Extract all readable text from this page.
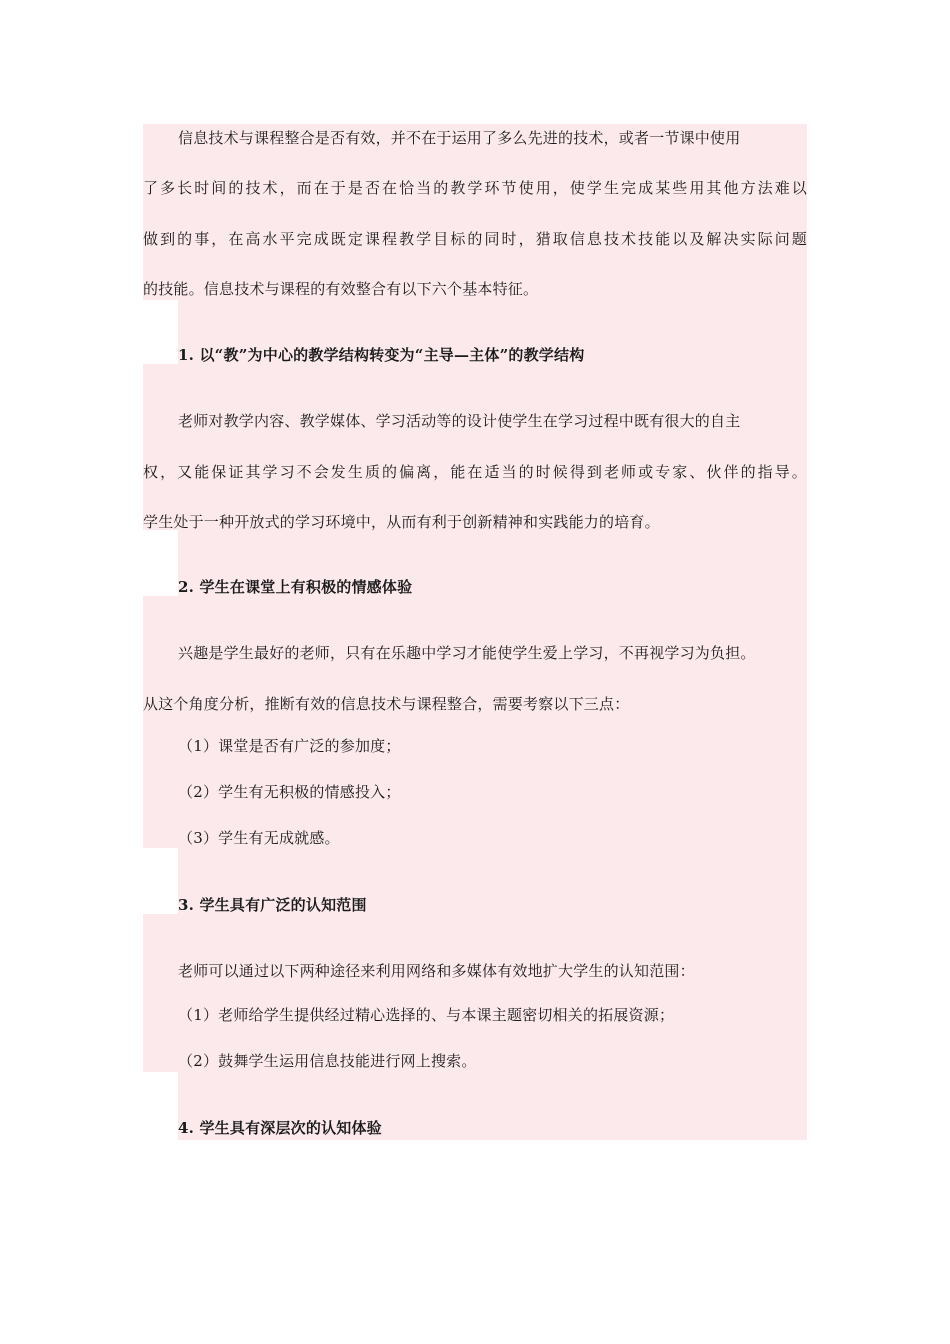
信息技术与课程整合是否有效，并不在于运用了多么先进的技术，或者一节课中使用
了多长时间的技术，而在于是否在恰当的教学环节使用，使学生完成某些用其他方法难以
做到的事，在高水平完成既定课程教学目标的同时，猎取信息技术技能以及解决实际问题
的技能。信息技术与课程的有效整合有以下六个基本特征。
1. 以“教”为中心的教学结构转变为“主导—主体”的教学结构
老师对教学内容、教学媒体、学习活动等的设计使学生在学习过程中既有很大的自主
权，又能保证其学习不会发生质的偏离，能在适当的时候得到老师或专家、伙伴的指导。
学生处于一种开放式的学习环境中，从而有利于创新精神和实践能力的培育。
2. 学生在课堂上有积极的情感体验
兴趣是学生最好的老师，只有在乐趣中学习才能使学生爱上学习，不再视学习为负担。
从这个角度分析，推断有效的信息技术与课程整合，需要考察以下三点：
（1）课堂是否有广泛的参加度；
（2）学生有无积极的情感投入；
（3）学生有无成就感。
3. 学生具有广泛的认知范围
老师可以通过以下两种途径来利用网络和多媒体有效地扩大学生的认知范围：
（1）老师给学生提供经过精心选择的、与本课主题密切相关的拓展资源；
（2）鼓舞学生运用信息技能进行网上搜索。
4. 学生具有深层次的认知体验
